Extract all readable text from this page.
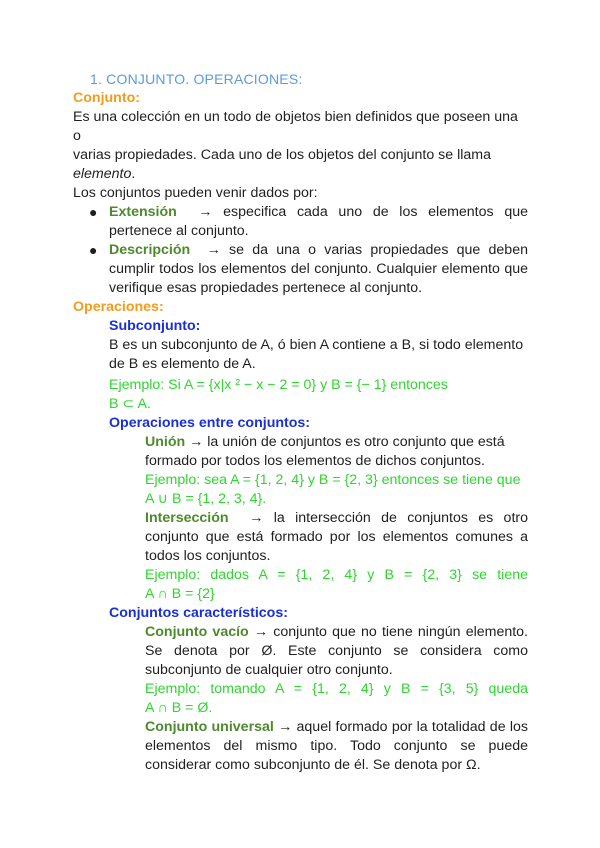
1. CONJUNTO. OPERACIONES:

Conjunto:

Es una colección en un todo de objetos bien definidos que poseen una o

varias propiedades. Cada uno de los objetos del conjunto se llama

elemento.

Los conjuntos pueden venir dados por:

● Extensión → especifica cada uno de los elementos que
pertenece al conjunto.
● Descripción → se da una o varias propiedades que deben
cumplir todos los elementos del conjunto. Cualquier elemento que
verifique esas propiedades pertenece al conjunto.

Operaciones:

Subconjunto:

B es un subconjunto de A, ó bien A contiene a B, si todo elemento

de B es elemento de A.

Ejemplo: Si A = {x|x ² − x − 2 = 0} y B = {− 1} entonces

B ⊂ A.

Operaciones entre conjuntos:

Unión → la unión de conjuntos es otro conjunto que está

formado por todos los elementos de dichos conjuntos.

Ejemplo: sea A = {1, 2, 4} y B = {2, 3} entonces se tiene que

A ∪ B = {1, 2, 3, 4}.

Intersección → la intersección de conjuntos es otro

conjunto que está formado por los elementos comunes a

todos los conjuntos.

Ejemplo: dados A = {1, 2, 4} y B = {2, 3} se tiene

A ∩ B = {2}

Conjuntos característicos:

Conjunto vacío → conjunto que no tiene ningún elemento.

Se denota por Ø. Este conjunto se considera como

subconjunto de cualquier otro conjunto.

Ejemplo: tomando A = {1, 2, 4} y B = {3, 5} queda

A ∩ B = Ø.

Conjunto universal → aquel formado por la totalidad de los

elementos del mismo tipo. Todo conjunto se puede

considerar como subconjunto de él. Se denota por Ω.
